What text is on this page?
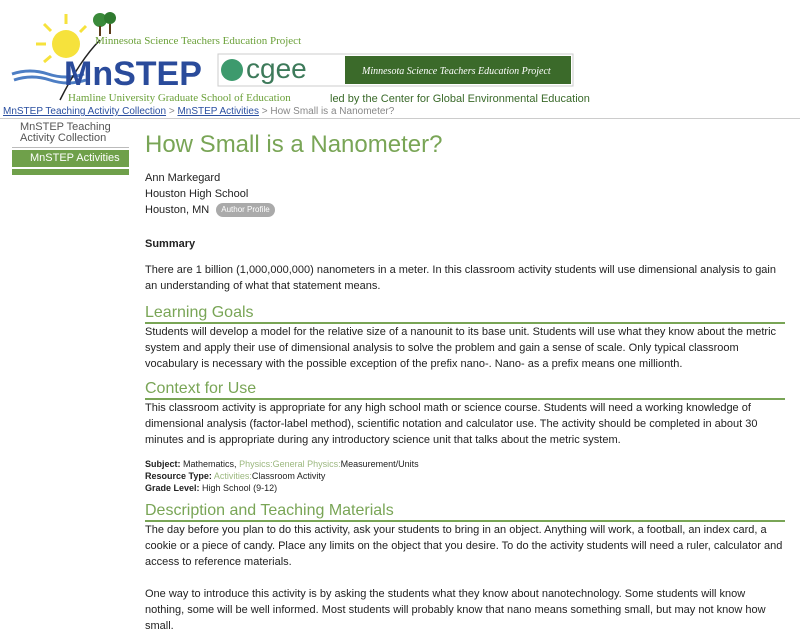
Minnesota Science Teachers Education Project
MnSTEP
Hamline University Graduate School of Education
cgee	Minnesota Science Teachers Education Project
led by the Center for Global Environmental Education
MnSTEP Teaching Activity Collection > MnSTEP Activities > How Small is a Nanometer?
MnSTEP Teaching Activity Collection
MnSTEP Activities	How Small is a Nanometer?
Ann Markegard
Houston High School
Houston, MN Author Profile
Summary

There are 1 billion (1,000,000,000) nanometers in a meter. In this classroom activity students will use dimensional analysis to gain an understanding of what that statement means.

Learning Goals

Students will develop a model for the relative size of a nanounit to its base unit. Students will use what they know about the metric system and apply their use of dimensional analysis to solve the problem and gain a sense of scale. Only typical classroom vocabulary is necessary with the possible exception of the prefix nano-. Nano- as a prefix means one millionth.

Context for Use

This classroom activity is appropriate for any high school math or science course. Students will need a working knowledge of dimensional analysis (factor-label method), scientific notation and calculator use. The activity should be completed in about 30 minutes and is appropriate during any introductory science unit that talks about the metric system.

Subject: Mathematics, Physics:General Physics:Measurement/Units
Resource Type: Activities:Classroom Activity
Grade Level: High School (9-12)
Description and Teaching Materials

The day before you plan to do this activity, ask your students to bring in an object. Anything will work, a football, an index card, a cookie or a piece of candy. Place any limits on the object that you desire. To do the activity students will need a ruler, calculator and access to reference materials.

One way to introduce this activity is by asking the students what they know about nanotechnology. Some students will know nothing, some will be well informed. Most students will probably know that nano means something small, but may not know how small.
